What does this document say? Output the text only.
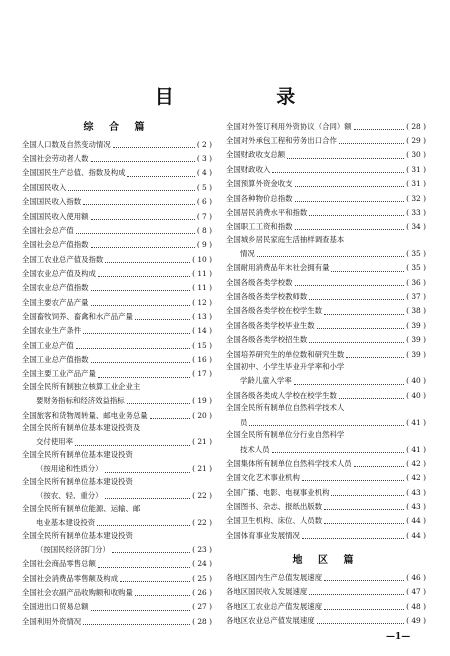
目 录
综 合 篇
全国人口数及自然变动情况	( 2 )
全国社会劳动者人数	( 3 )
全国国民生产总值、指数及构成	( 4 )
全国国民收入	( 5 )
全国国民收入指数	( 6 )
全国国民收入使用额	( 7 )
全国社会总产值	( 8 )
全国社会总产值指数	( 9 )
全国工农业总产值及指数	( 10 )
全国农业总产值及构成	( 11 )
全国农业总产值指数	( 11 )
全国主要农产品产量	( 12 )
全国畜牧饲养、畜禽和水产品产量	( 13 )
全国农业生产条件	( 14 )
全国工业总产值	( 15 )
全国工业总产值指数	( 16 )
全国主要工业产品产量	( 17 )
全国全民所有制独立核算工业企业主
要财务指标和经济效益指标	( 19 )
全国旅客和货物周转量、邮电业务总量	( 20 )
全国全民所有制单位基本建设投资及
交付使用率	( 21 )
全国全民所有制单位基本建设投资
（按用途和性质分）	( 21 )
全国全民所有制单位基本建设投资
（按农、轻、重分）	( 22 )
全国全民所有制单位能源、运输、邮
电业基本建设投资	( 22 )
全国全民所有制单位基本建设投资
（按国民经济部门分）	( 23 )
全国社会商品零售总额	( 24 )
全国社会消费品零售额及构成	( 25 )
全国社会农副产品收购额和收购量	( 26 )
全国进出口贸易总额	( 27 )
全国利用外资情况	( 28 )
全国对外签订利用外资协议（合同）额	( 28 )
全国对外承包工程和劳务出口合作	( 29 )
全国财政收支总额	( 30 )
全国财政收入	( 31 )
全国预算外资金收支	( 31 )
全国各种物价总指数	( 32 )
全国居民消费水平和指数	( 33 )
全国职工工资和指数	( 34 )
全国城乡居民家庭生活抽样调查基本
情况	( 35 )
全国耐用消费品年末社会拥有量	( 35 )
全国各级各类学校数	( 36 )
全国各级各类学校教师数	( 37 )
全国各级各类学校在校学生数	( 38 )
全国各级各类学校毕业生数	( 39 )
全国各级各类学校招生数	( 39 )
全国培养研究生的单位数和研究生数	( 39 )
全国初中、小学生毕业升学率和小学
学龄儿童入学率	( 40 )
全国各级各类成人学校在校学生数	( 40 )
全国全民所有制单位自然科学技术人
员	( 41 )
全国全民所有制单位分行业自然科学
技术人员	( 41 )
全国集体所有制单位自然科学技术人员	( 42 )
全国文化艺术事业机构	( 42 )
全国广播、电影、电视事业机构	( 43 )
全国图书、杂志、报纸出版数	( 43 )
全国卫生机构、床位、人员数	( 44 )
全国体育事业发展情况	( 44 )
地 区 篇
各地区国内生产总值发展速度	( 46 )
各地区国民收入发展速度	( 47 )
各地区工农业总产值发展速度	( 48 )
各地区农业总产值发展速度	( 49 )
—1—
